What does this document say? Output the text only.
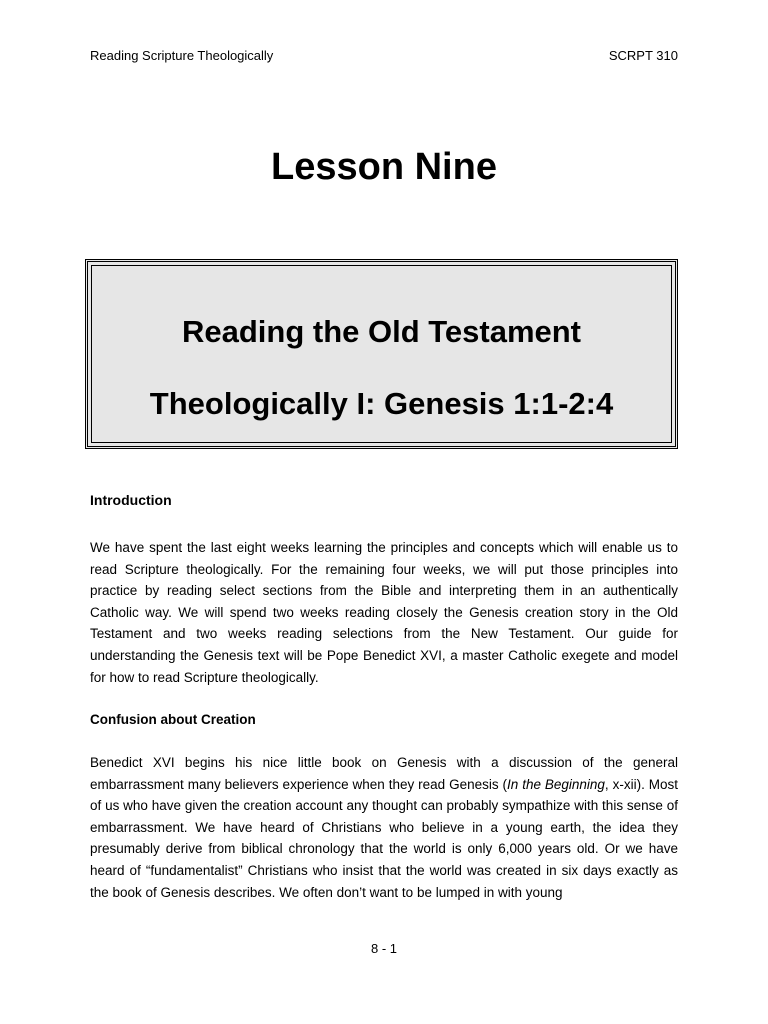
Reading Scripture Theologically	SCRPT 310
Lesson Nine
Reading the Old Testament
Theologically I: Genesis 1:1-2:4
Introduction
We have spent the last eight weeks learning the principles and concepts which will enable us to read Scripture theologically. For the remaining four weeks, we will put those principles into practice by reading select sections from the Bible and interpreting them in an authentically Catholic way. We will spend two weeks reading closely the Genesis creation story in the Old Testament and two weeks reading selections from the New Testament. Our guide for understanding the Genesis text will be Pope Benedict XVI, a master Catholic exegete and model for how to read Scripture theologically.
Confusion about Creation
Benedict XVI begins his nice little book on Genesis with a discussion of the general embarrassment many believers experience when they read Genesis (In the Beginning, x-xii). Most of us who have given the creation account any thought can probably sympathize with this sense of embarrassment. We have heard of Christians who believe in a young earth, the idea they presumably derive from biblical chronology that the world is only 6,000 years old. Or we have heard of “fundamentalist” Christians who insist that the world was created in six days exactly as the book of Genesis describes. We often don’t want to be lumped in with young
8 - 1
